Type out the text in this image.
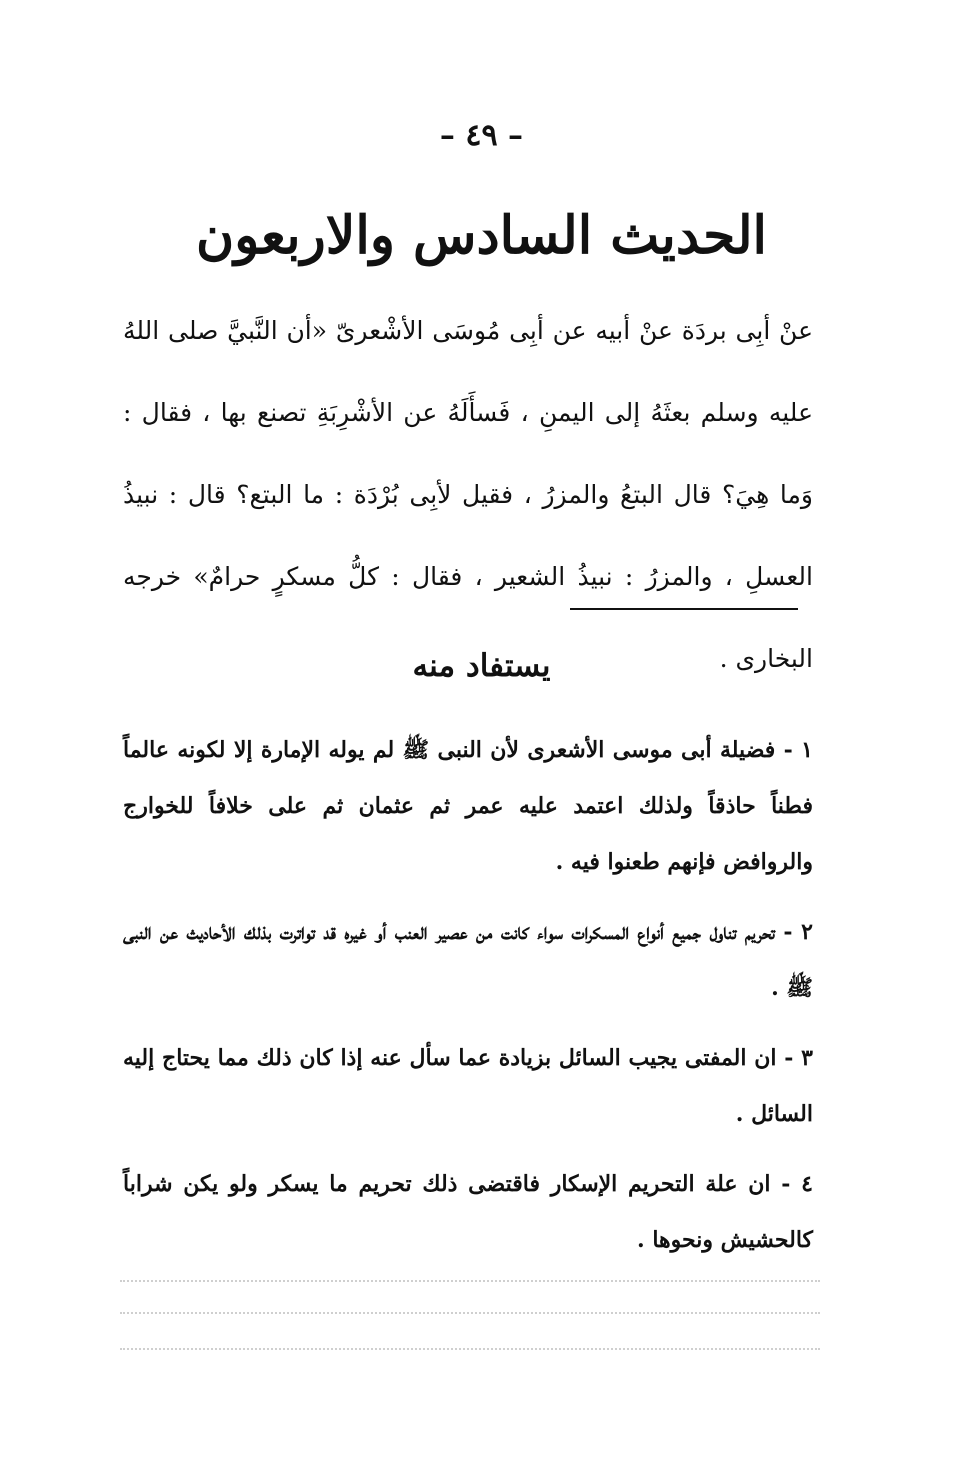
– ٤٩ –
الحديث السادس والاربعون

عنْ أبِى بردَة عنْ أبيه عن أبِى مُوسَى الأشْعرىّ «أن النَّبيَّ صلى اللهُ عليه وسلم بعثَهُ إلى اليمنِ ، فَسأَلَهُ عن الأشْرِبَةِ تصنع بها ، فقال : وَما هِيَ؟ قال البتعُ والمزرُ ، فقيل لأبِى بُرْدَة : ما البتع؟ قال : نبيذُ العسلِ ، والمزرُ : نبيذُ الشعير ، فقال : كلُّ مسكرٍ حرامٌ» خرجه البخارى .

يستفاد منه
١ - فضيلة أبى موسى الأشعرى لأن النبى ﷺ لم يوله الإمارة إلا لكونه عالماً فطناً حاذقاً ولذلك اعتمد عليه عمر ثم عثمان ثم على خلافاً للخوارج والروافض فإنهم طعنوا فيه .
٢ - تحريم تناول جميع أنواع المسكرات سواء كانت من عصير العنب أو غيره قد تواترت بذلك الأحاديث عن النبى ﷺ .
٣ - ان المفتى يجيب السائل بزيادة عما سأل عنه إذا كان ذلك مما يحتاج إليه السائل .
٤ - ان علة التحريم الإسكار فاقتضى ذلك تحريم ما يسكر ولو يكن شراباً كالحشيش ونحوها .
